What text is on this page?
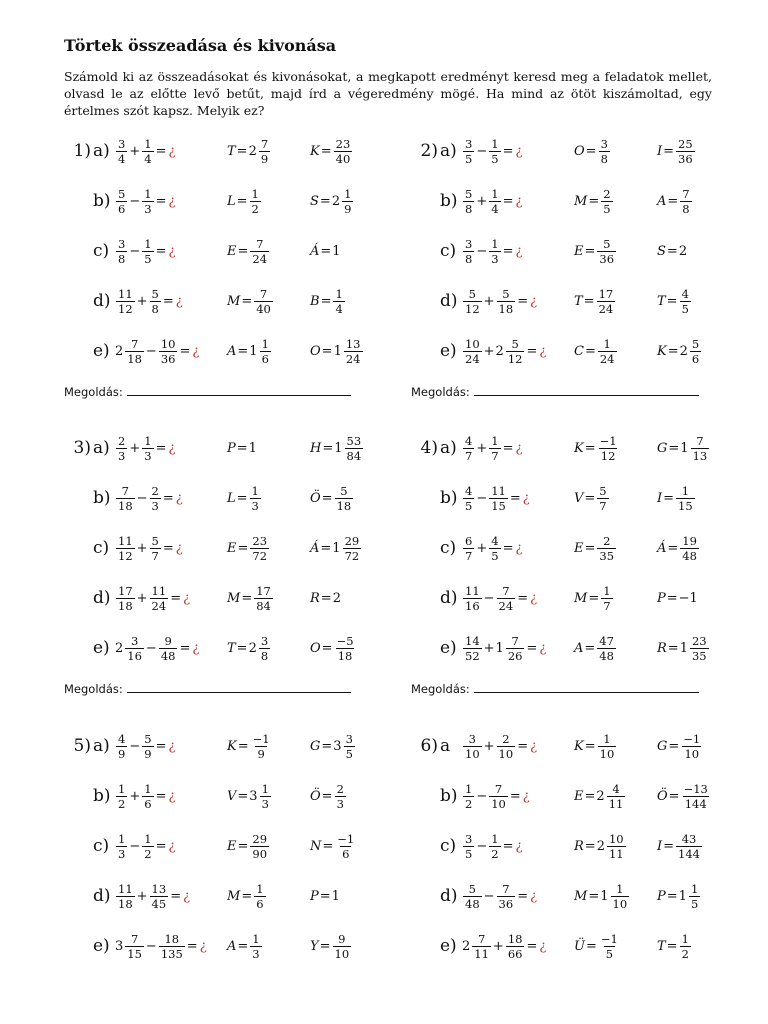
Törtek összeadása és kivonása
Számold ki az összeadásokat és kivonásokat, a megkapott eredményt keresd meg a feladatok mellet, olvasd le az előtte levő betűt, majd írd a végeredmény mögé. Ha mind az ötöt kiszámoltad, egy értelmes szót kapsz. Melyik ez?
1) $a) \frac{3}{4} + \frac{1}{4}$ = ¿	$T = 2 \frac{7}{9}$	$K = \frac{23}{40}$
$b) \frac{5}{6} - \frac{1}{3}$ = ¿	$L = \frac{1}{2}$	$S = 2 \frac{1}{9}$
$c) \frac{3}{8} - \frac{1}{5}$ = ¿	$E = \frac{7}{24}$	Á = 1
$d) \frac{11}{12} + \frac{5}{8}$ = ¿	$M = \frac{7}{40}$	$B = \frac{1}{4}$
e) $2 \frac{7}{18} - \frac{10}{36}$ = ¿ $A = 1 \frac{1}{6}$	$O = 1 \frac{13}{24}$
2) $a) \frac{3}{5} - \frac{1}{5}$ = ¿	$O = \frac{3}{8}$	$I = \frac{25}{36}$
$b) \frac{5}{8} + \frac{1}{4}$ = ¿	$M = \frac{2}{5}$	$A = \frac{7}{8}$
$c) \frac{3}{8} - \frac{1}{3}$ = ¿	$E = \frac{5}{36}$	S = 2
$d) \frac{5}{12} + \frac{5}{18}$ = ¿	$T = \frac{17}{24}$	$T = \frac{4}{5}$
$e) \frac{10}{24} + 2 \frac{5}{12}$ = ¿ $C = \frac{1}{24}$	$K = 2 \frac{5}{6}$
Megoldás:	Megoldás:
3) $a) \frac{2}{3} + \frac{1}{3}$ = ¿	P = 1	$H = 1 \frac{53}{84}$
$b) \frac{7}{18} - \frac{2}{3}$ = ¿	$L = \frac{1}{3}$	Ö = $\frac{5}{18}$
$c) \frac{11}{12} + \frac{5}{7}$ = ¿	$E = \frac{23}{72}$	Á = $1 \frac{29}{72}$
$d) \frac{17}{18} + \frac{11}{24}$ = ¿	$M = \frac{17}{84}$	R = 2
e) $2 \frac{3}{16} - \frac{9}{48}$ = ¿ $T = 2 \frac{3}{8}$	$O = \frac{-5}{18}$
4) $a) \frac{4}{7} + \frac{1}{7}$ = ¿	$K = \frac{-1}{12}$	$G = 1 \frac{7}{13}$
$b) \frac{4}{5} - \frac{11}{15}$ = ¿	$V = \frac{5}{7}$	$I = \frac{1}{15}$
$c) \frac{6}{7} + \frac{4}{5}$ = ¿	$E = \frac{2}{35}$	Á = $\frac{19}{48}$
$d) \frac{11}{16} - \frac{7}{24}$ = ¿	$M = \frac{1}{7}$	P = −1
$e) \frac{14}{52} + 1 \frac{7}{26}$ = ¿ $A = \frac{47}{48}$	$R = 1 \frac{23}{35}$
Megoldás:	Megoldás:
5) $a) \frac{4}{9} - \frac{5}{9}$ = ¿	$K = \frac{-1}{9}$	$G = 3 \frac{3}{5}$
$b) \frac{1}{2} + \frac{1}{6}$ = ¿	$V = 3 \frac{1}{3}$	Ö = $\frac{2}{3}$
$c) \frac{1}{3} - \frac{1}{2}$ = ¿	$E = \frac{29}{90}$	$N = \frac{-1}{6}$
$d) \frac{11}{18} + \frac{13}{45}$ = ¿	$M = \frac{1}{6}$	P = 1
e) $3 \frac{7}{15} - \frac{18}{135}$ = ¿ $A = \frac{1}{3}$	$Y = \frac{9}{10}$
6) a $\frac{3}{10} + \frac{2}{10}$ = ¿	$K = \frac{1}{10}$	$G = \frac{-1}{10}$
$b) \frac{1}{2} - \frac{7}{10}$ = ¿	$E = 2 \frac{4}{11}$ Ö = $\frac{-13}{144}$
$c) \frac{3}{5} - \frac{1}{2}$ = ¿	$R = 2 \frac{10}{11}$ $I = \frac{43}{144}$
$d) \frac{5}{48} - \frac{7}{36}$ = ¿	$M = 1 \frac{1}{10}$ $P = 1 \frac{1}{5}$
e) $2 \frac{7}{11} + \frac{18}{66}$ = ¿ Ü = $\frac{-1}{5}$	$T = \frac{1}{2}$
